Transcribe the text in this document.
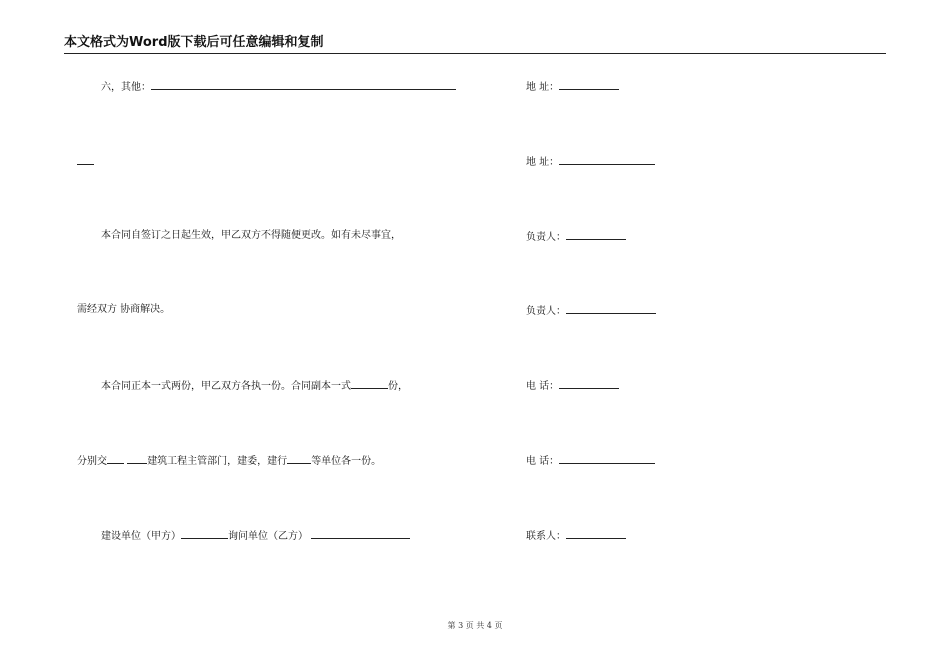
本文格式为Word版下载后可任意编辑和复制
六，其他：
本合同自签订之日起生效，甲乙双方不得随便更改。如有未尽事宜，
需经双方 协商解决。
本合同正本一式两份，甲乙双方各执一份。合同副本一式	份，
分别交	建筑工程主管部门，建委，建行 等单位各一份。
建设单位（甲方）	询问单位（乙方）
地 址：
地 址：
负责人：
负责人：
电 话：
电 话：
联系人：
第 3 页 共 4 页
